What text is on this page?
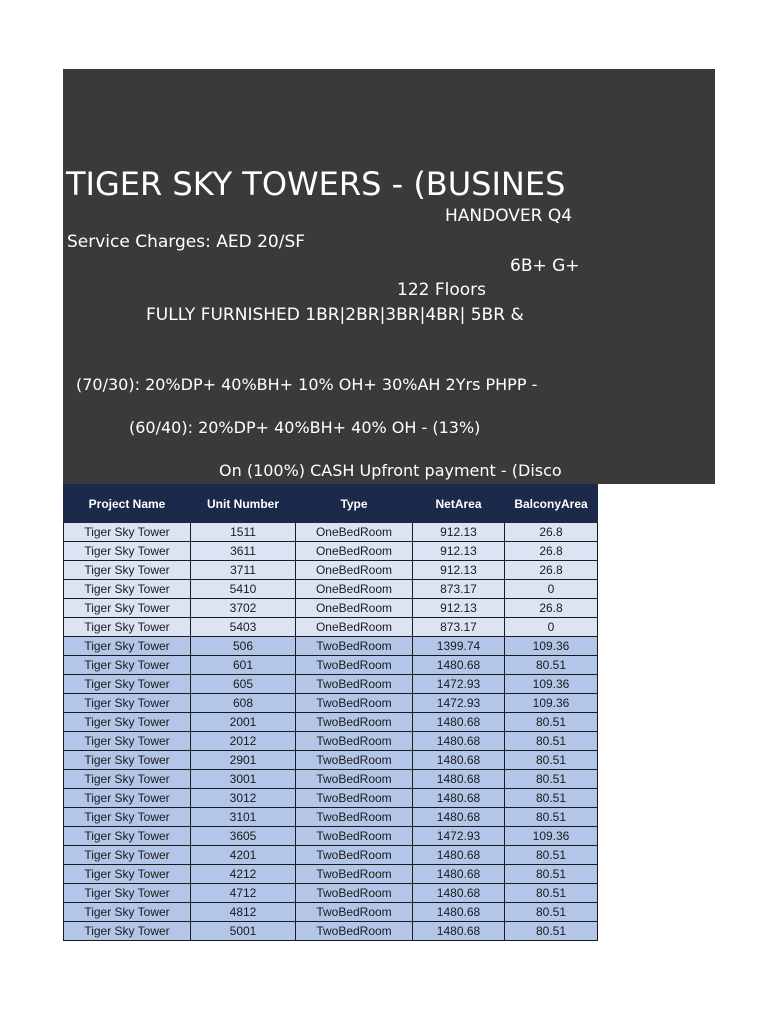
TIGER SKY TOWERS - (BUSINES
HANDOVER Q4
Service Charges: AED 20/SF
6B+ G+
122 Floors
FULLY FURNISHED 1BR|2BR|3BR|4BR| 5BR &
(70/30): 20%DP+ 40%BH+ 10% OH+ 30%AH 2Yrs PHPP -
(60/40): 20%DP+ 40%BH+ 40% OH - (13%)
On (100%) CASH Upfront payment - (Disco
Project Name	Unit Number	Type	NetArea	BalconyArea
Tiger Sky Tower	1511	OneBedRoom	912.13	26.8
Tiger Sky Tower	3611	OneBedRoom	912.13	26.8
Tiger Sky Tower	3711	OneBedRoom	912.13	26.8
Tiger Sky Tower	5410	OneBedRoom	873.17	0
Tiger Sky Tower	3702	OneBedRoom	912.13	26.8
Tiger Sky Tower	5403	OneBedRoom	873.17	0
Tiger Sky Tower	506	TwoBedRoom	1399.74	109.36
Tiger Sky Tower	601	TwoBedRoom	1480.68	80.51
Tiger Sky Tower	605	TwoBedRoom	1472.93	109.36
Tiger Sky Tower	608	TwoBedRoom	1472.93	109.36
Tiger Sky Tower	2001	TwoBedRoom	1480.68	80.51
Tiger Sky Tower	2012	TwoBedRoom	1480.68	80.51
Tiger Sky Tower	2901	TwoBedRoom	1480.68	80.51
Tiger Sky Tower	3001	TwoBedRoom	1480.68	80.51
Tiger Sky Tower	3012	TwoBedRoom	1480.68	80.51
Tiger Sky Tower	3101	TwoBedRoom	1480.68	80.51
Tiger Sky Tower	3605	TwoBedRoom	1472.93	109.36
Tiger Sky Tower	4201	TwoBedRoom	1480.68	80.51
Tiger Sky Tower	4212	TwoBedRoom	1480.68	80.51
Tiger Sky Tower	4712	TwoBedRoom	1480.68	80.51
Tiger Sky Tower	4812	TwoBedRoom	1480.68	80.51
Tiger Sky Tower	5001	TwoBedRoom	1480.68	80.51
